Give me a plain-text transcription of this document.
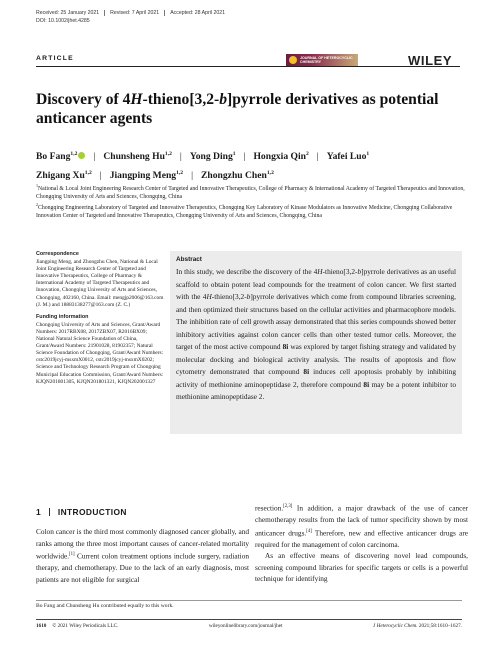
Received: 25 January 2021	Revised: 7 April 2021	Accepted: 28 April 2021
DOI: 10.1002/jhet.4285
ARTICLE	JOURNAL OF HETEROCYCLIC CHEMISTRY	WILEY
Discovery of 4H-thieno[3,2-b]pyrrole derivatives as potential
anticancer agents
Bo Fang$^{1,2}$ | Chunsheng Hu$^{1,2}$ | Yong Ding$^1$ | Hongxia Qin$^2$ | Yafei Luo$^1$
Zhigang Xu$^{1,2}$ | Jiangping Meng$^{1,2}$ | Zhongzhu Chen$^{1,2}$
$^1$National & Local Joint Engineering Research Center of Targeted and Innovative Therapeutics, College of Pharmacy & International Academy of Targeted Therapeutics and Innovation, Chongqing University of Arts and Sciences, Chongqing, China
$^2$Chongqing Engineering Laboratory of Targeted and Innovative Therapeutics, Chongqing Key Laboratory of Kinase Modulators as Innovative Medicine, Chongqing Collaborative Innovation Center of Targeted and Innovative Therapeutics, Chongqing University of Arts and Sciences, Chongqing, China
Correspondence

Jiangping Meng, and Zhongzhu Chen, National & Local Joint Engineering Research Center of Targeted and Innovative Therapeutics, College of Pharmacy & International Academy of Targeted Therapeutics and Innovation, Chongqing University of Arts and Sciences, Chongqing, 402160, China. Email: mengjp2006@163.com (J. M.) and 18883138277@163.com (Z. C.)

Funding information

Chongqing University of Arts and Sciences, Grant/Award Numbers: 2017RBX08, 2017ZBX07, R2016BX09; National Natural Science Foundation of China, Grant/Award Numbers: 21901028, 81902357; Natural Science Foundation of Chongqing, Grant/Award Numbers: cstc2019jcyj-msxmX0012, cstc2019jcyj-msxmX0202; Science and Technology Research Program of Chongqing Municipal Education Commission, Grant/Award Numbers: KJQN201801305, KJQN201801321, KJQN202001327

Abstract

In this study, we describe the discovery of the 4H-thieno[3,2-b]pyrrole derivatives as an useful scaffold to obtain potent lead compounds for the treatment of colon cancer. We first started with the 4H-thieno[3,2-b]pyrrole derivatives which come from compound libraries screening, and then optimized their structures based on the cellular activities and pharmacophore models. The inhibition rate of cell growth assay demonstrated that this series compounds showed better inhibitory activities against colon cancer cells than other tested tumor cells. Moreover, the target of the most active compound 8i was explored by target fishing strategy and validated by molecular docking and biological activity analysis. The results of apoptosis and flow cytometry demonstrated that compound 8i induces cell apoptosis probably by inhibiting activity of methionine aminopeptidase 2, therefore compound 8i may be a potent inhibitor to methionine aminopeptidase 2.

1 INTRODUCTION
Colon cancer is the third most commonly diagnosed cancer globally, and ranks among the three most important causes of cancer-related mortality worldwide.[1] Current colon treatment options include surgery, radiation therapy, and chemotherapy. Due to the lack of an early diagnosis, most patients are not eligible for surgical

resection.[2,3] In addition, a major drawback of the use of cancer chemotherapy results from the lack of tumor specificity shown by most anticancer drugs.[4] Therefore, new and effective anticancer drugs are required for the management of colon carcinoma.

As an effective means of discovering novel lead compounds, screening compound libraries for specific targets or cells is a powerful technique for identifying

Bo Fang and Chunsheng Hu contributed equally to this work.
1610 © 2021 Wiley Periodicals LLC.	wileyonlinelibrary.com/journal/jhet	J Heterocyclic Chem. 2021;58:1610–1627.
